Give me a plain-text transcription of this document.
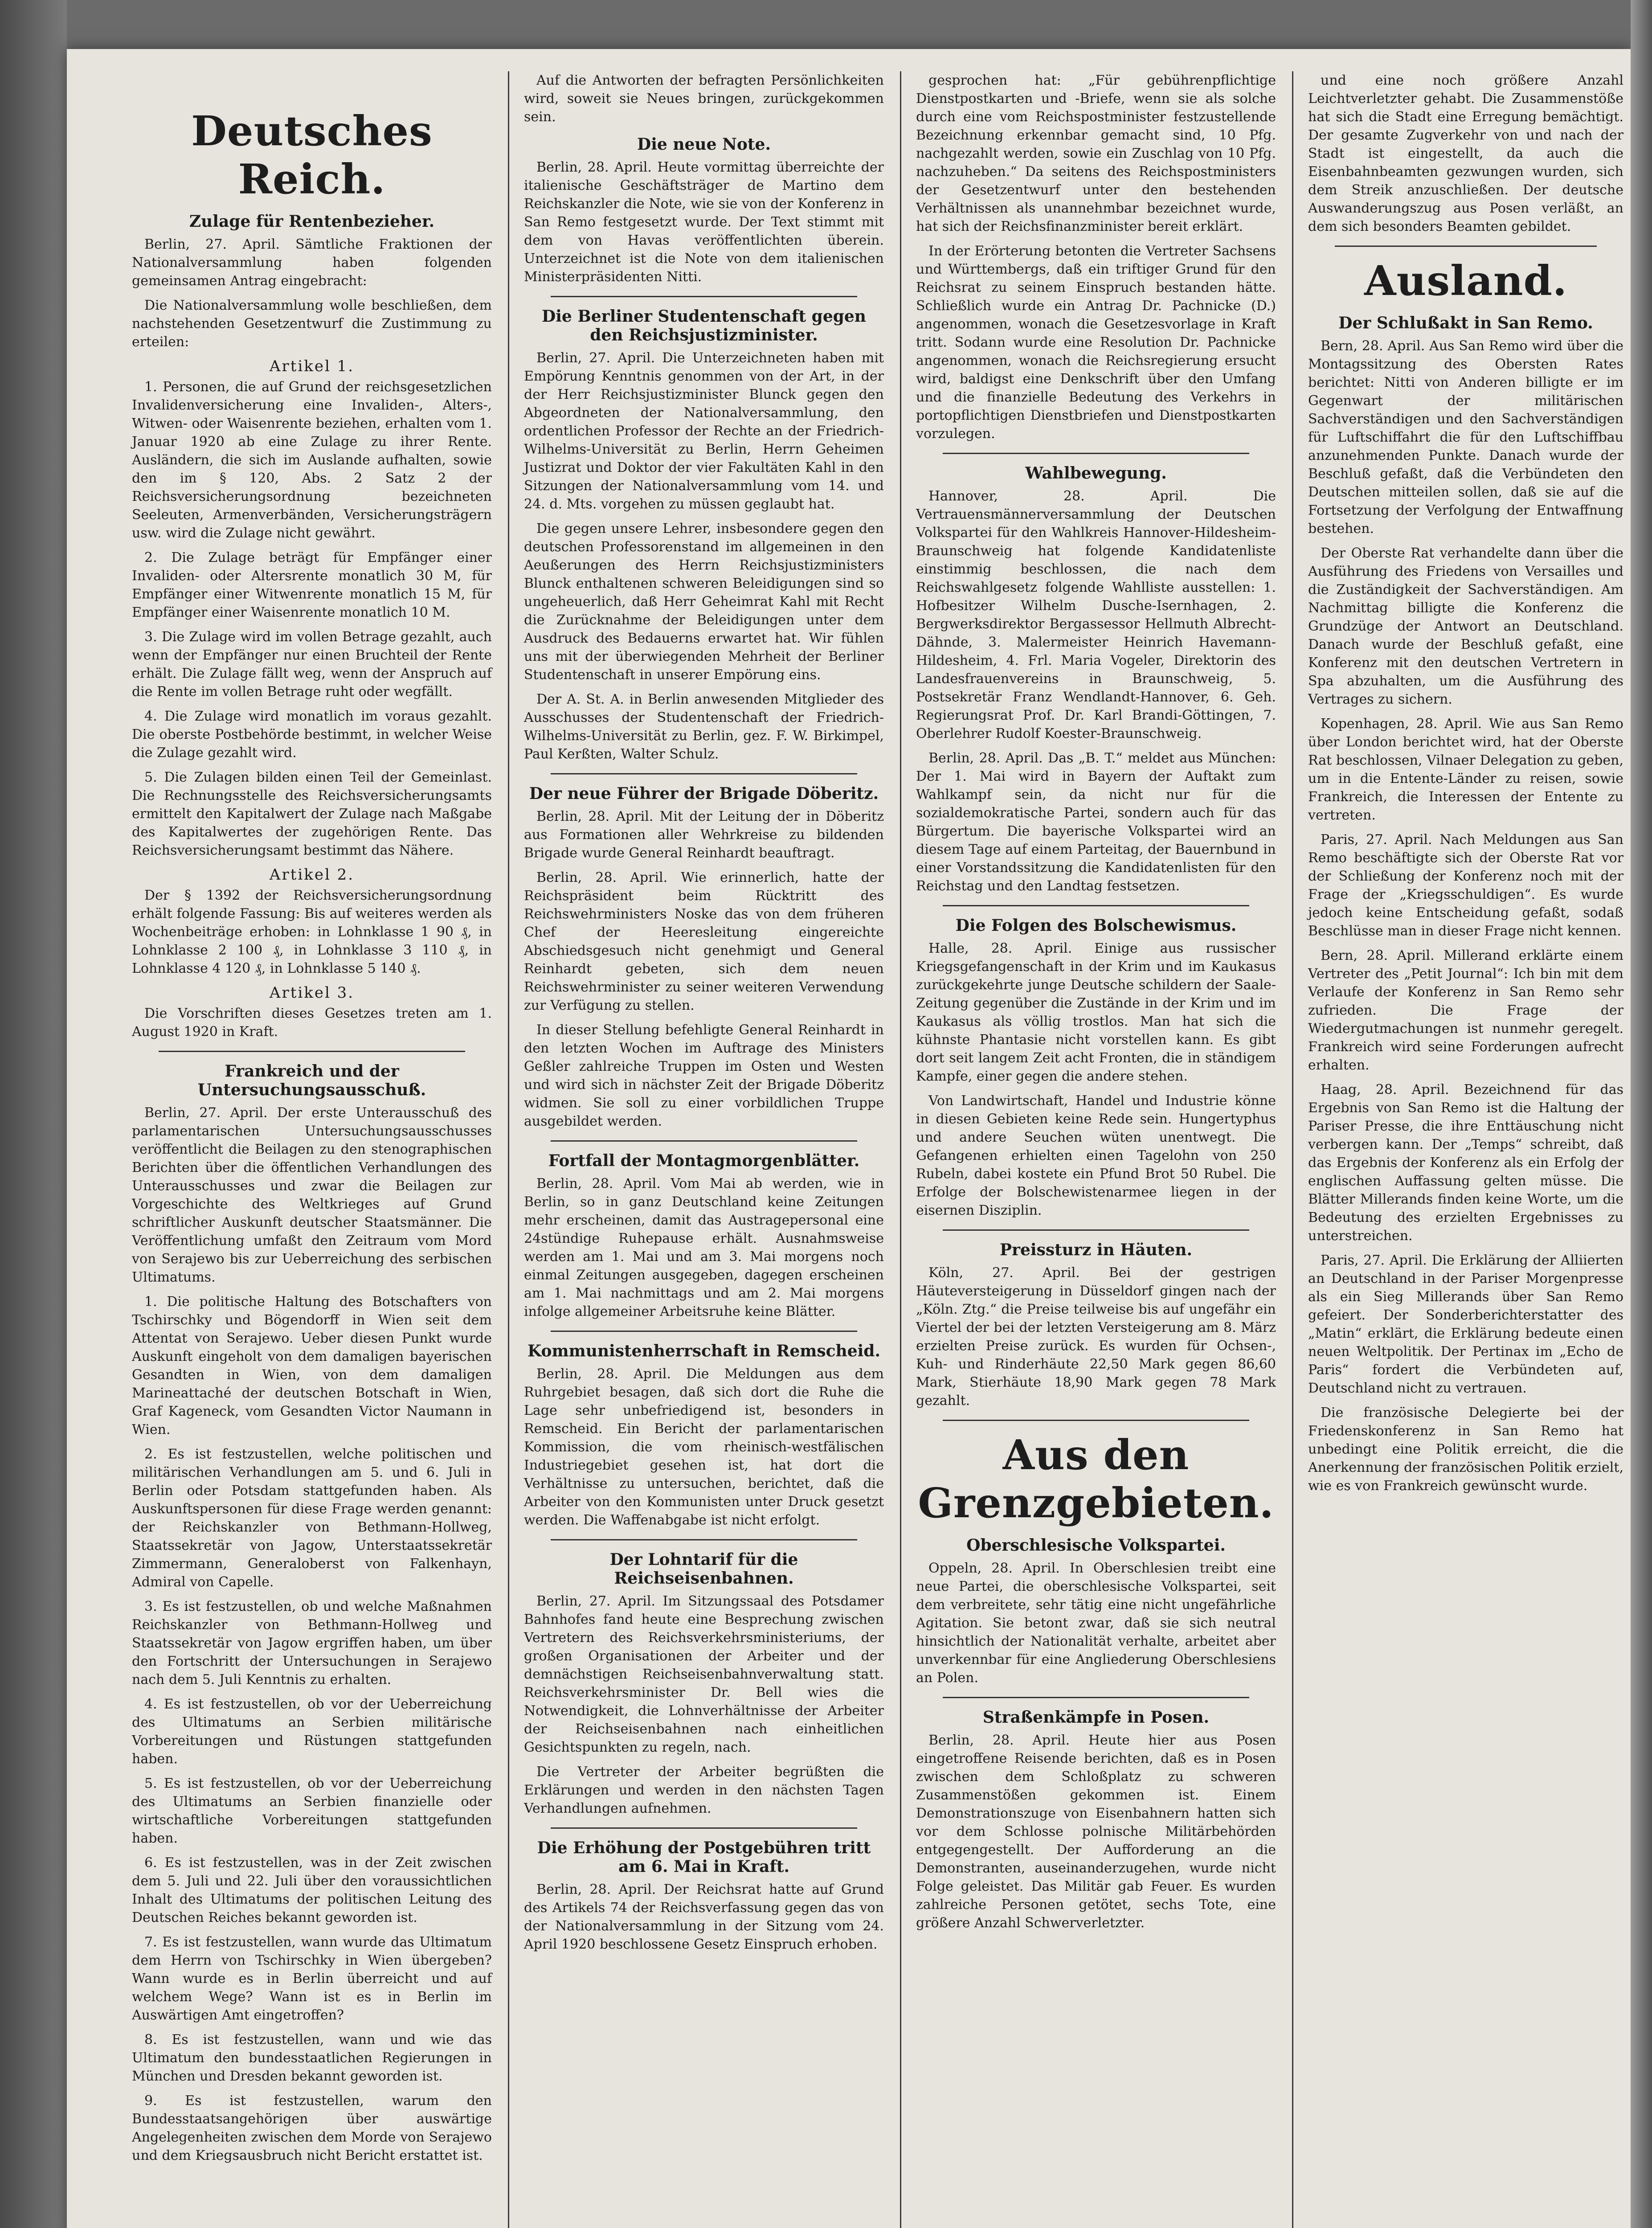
Deutsches Reich.
Zulage für Rentenbezieher.

Berlin, 27. April. Sämtliche Fraktionen der Nationalversammlung haben folgenden gemeinsamen Antrag eingebracht:

Die Nationalversammlung wolle beschließen, dem nachstehenden Gesetzentwurf die Zustimmung zu erteilen:

Artikel 1.

1. Personen, die auf Grund der reichsgesetzlichen Invalidenversicherung eine Invaliden-, Alters-, Witwen- oder Waisenrente beziehen, erhalten vom 1. Januar 1920 ab eine Zulage zu ihrer Rente. Ausländern, die sich im Auslande aufhalten, sowie den im § 120, Abs. 2 Satz 2 der Reichsversicherungsordnung bezeichneten Seeleuten, Armenverbänden, Versicherungsträgern usw. wird die Zulage nicht gewährt.

2. Die Zulage beträgt für Empfänger einer Invaliden- oder Altersrente monatlich 30 M, für Empfänger einer Witwenrente monatlich 15 M, für Empfänger einer Waisenrente monatlich 10 M.

3. Die Zulage wird im vollen Betrage gezahlt, auch wenn der Empfänger nur einen Bruchteil der Rente erhält. Die Zulage fällt weg, wenn der Anspruch auf die Rente im vollen Betrage ruht oder wegfällt.

4. Die Zulage wird monatlich im voraus gezahlt. Die oberste Postbehörde bestimmt, in welcher Weise die Zulage gezahlt wird.

5. Die Zulagen bilden einen Teil der Gemeinlast. Die Rechnungsstelle des Reichsversicherungsamts ermittelt den Kapitalwert der Zulage nach Maßgabe des Kapitalwertes der zugehörigen Rente. Das Reichsversicherungsamt bestimmt das Nähere.

Artikel 2.

Der § 1392 der Reichsversicherungsordnung erhält folgende Fassung: Bis auf weiteres werden als Wochenbeiträge erhoben: in Lohnklasse 1 90 ₰, in Lohnklasse 2 100 ₰, in Lohnklasse 3 110 ₰, in Lohnklasse 4 120 ₰, in Lohnklasse 5 140 ₰.

Artikel 3.

Die Vorschriften dieses Gesetzes treten am 1. August 1920 in Kraft.

Frankreich und der Untersuchungsausschuß.

Berlin, 27. April. Der erste Unterausschuß des parlamentarischen Untersuchungsausschusses veröffentlicht die Beilagen zu den stenographischen Berichten über die öffentlichen Verhandlungen des Unterausschusses und zwar die Beilagen zur Vorgeschichte des Weltkrieges auf Grund schriftlicher Auskunft deutscher Staatsmänner. Die Veröffentlichung umfaßt den Zeitraum vom Mord von Serajewo bis zur Ueberreichung des serbischen Ultimatums.

1. Die politische Haltung des Botschafters von Tschirschky und Bögendorff in Wien seit dem Attentat von Serajewo. Ueber diesen Punkt wurde Auskunft eingeholt von dem damaligen bayerischen Gesandten in Wien, von dem damaligen Marineattaché der deutschen Botschaft in Wien, Graf Kageneck, vom Gesandten Victor Naumann in Wien.

2. Es ist festzustellen, welche politischen und militärischen Verhandlungen am 5. und 6. Juli in Berlin oder Potsdam stattgefunden haben. Als Auskunftspersonen für diese Frage werden genannt: der Reichskanzler von Bethmann-Hollweg, Staatssekretär von Jagow, Unterstaatssekretär Zimmermann, Generaloberst von Falkenhayn, Admiral von Capelle.

3. Es ist festzustellen, ob und welche Maßnahmen Reichskanzler von Bethmann-Hollweg und Staatssekretär von Jagow ergriffen haben, um über den Fortschritt der Untersuchungen in Serajewo nach dem 5. Juli Kenntnis zu erhalten.

4. Es ist festzustellen, ob vor der Ueberreichung des Ultimatums an Serbien militärische Vorbereitungen und Rüstungen stattgefunden haben.

5. Es ist festzustellen, ob vor der Ueberreichung des Ultimatums an Serbien finanzielle oder wirtschaftliche Vorbereitungen stattgefunden haben.

6. Es ist festzustellen, was in der Zeit zwischen dem 5. Juli und 22. Juli über den voraussichtlichen Inhalt des Ultimatums der politischen Leitung des Deutschen Reiches bekannt geworden ist.

7. Es ist festzustellen, wann wurde das Ultimatum dem Herrn von Tschirschky in Wien übergeben? Wann wurde es in Berlin überreicht und auf welchem Wege? Wann ist es in Berlin im Auswärtigen Amt eingetroffen?

8. Es ist festzustellen, wann und wie das Ultimatum den bundesstaatlichen Regierungen in München und Dresden bekannt geworden ist.

9. Es ist festzustellen, warum den Bundesstaatsangehörigen über auswärtige Angelegenheiten zwischen dem Morde von Serajewo und dem Kriegsausbruch nicht Bericht erstattet ist.

Auf die Antworten der befragten Persönlichkeiten wird, soweit sie Neues bringen, zurückgekommen sein.

Die neue Note.

Berlin, 28. April. Heute vormittag überreichte der italienische Geschäftsträger de Martino dem Reichskanzler die Note, wie sie von der Konferenz in San Remo festgesetzt wurde. Der Text stimmt mit dem von Havas veröffentlichten überein. Unterzeichnet ist die Note von dem italienischen Ministerpräsidenten Nitti.

Die Berliner Studentenschaft gegen den Reichsjustizminister.

Berlin, 27. April. Die Unterzeichneten haben mit Empörung Kenntnis genommen von der Art, in der der Herr Reichsjustizminister Blunck gegen den Abgeordneten der Nationalversammlung, den ordentlichen Professor der Rechte an der Friedrich-Wilhelms-Universität zu Berlin, Herrn Geheimen Justizrat und Doktor der vier Fakultäten Kahl in den Sitzungen der Nationalversammlung vom 14. und 24. d. Mts. vorgehen zu müssen geglaubt hat.

Die gegen unsere Lehrer, insbesondere gegen den deutschen Professorenstand im allgemeinen in den Aeußerungen des Herrn Reichsjustizministers Blunck enthaltenen schweren Beleidigungen sind so ungeheuerlich, daß Herr Geheimrat Kahl mit Recht die Zurücknahme der Beleidigungen unter dem Ausdruck des Bedauerns erwartet hat. Wir fühlen uns mit der überwiegenden Mehrheit der Berliner Studentenschaft in unserer Empörung eins.

Der A. St. A. in Berlin anwesenden Mitglieder des Ausschusses der Studentenschaft der Friedrich-Wilhelms-Universität zu Berlin, gez. F. W. Birkimpel, Paul Kerßten, Walter Schulz.

Der neue Führer der Brigade Döberitz.

Berlin, 28. April. Mit der Leitung der in Döberitz aus Formationen aller Wehrkreise zu bildenden Brigade wurde General Reinhardt beauftragt.

Berlin, 28. April. Wie erinnerlich, hatte der Reichspräsident beim Rücktritt des Reichswehrministers Noske das von dem früheren Chef der Heeresleitung eingereichte Abschiedsgesuch nicht genehmigt und General Reinhardt gebeten, sich dem neuen Reichswehrminister zu seiner weiteren Verwendung zur Verfügung zu stellen.

In dieser Stellung befehligte General Reinhardt in den letzten Wochen im Auftrage des Ministers Geßler zahlreiche Truppen im Osten und Westen und wird sich in nächster Zeit der Brigade Döberitz widmen. Sie soll zu einer vorbildlichen Truppe ausgebildet werden.

Fortfall der Montagmorgenblätter.

Berlin, 28. April. Vom Mai ab werden, wie in Berlin, so in ganz Deutschland keine Zeitungen mehr erscheinen, damit das Austragepersonal eine 24stündige Ruhepause erhält. Ausnahmsweise werden am 1. Mai und am 3. Mai morgens noch einmal Zeitungen ausgegeben, dagegen erscheinen am 1. Mai nachmittags und am 2. Mai morgens infolge allgemeiner Arbeitsruhe keine Blätter.

Kommunistenherrschaft in Remscheid.

Berlin, 28. April. Die Meldungen aus dem Ruhrgebiet besagen, daß sich dort die Ruhe die Lage sehr unbefriedigend ist, besonders in Remscheid. Ein Bericht der parlamentarischen Kommission, die vom rheinisch-westfälischen Industriegebiet gesehen ist, hat dort die Verhältnisse zu untersuchen, berichtet, daß die Arbeiter von den Kommunisten unter Druck gesetzt werden. Die Waffenabgabe ist nicht erfolgt.

Der Lohntarif für die Reichseisenbahnen.

Berlin, 27. April. Im Sitzungssaal des Potsdamer Bahnhofes fand heute eine Besprechung zwischen Vertretern des Reichsverkehrsministeriums, der großen Organisationen der Arbeiter und der demnächstigen Reichseisenbahnverwaltung statt. Reichsverkehrsminister Dr. Bell wies die Notwendigkeit, die Lohnverhältnisse der Arbeiter der Reichseisenbahnen nach einheitlichen Gesichtspunkten zu regeln, nach.

Die Vertreter der Arbeiter begrüßten die Erklärungen und werden in den nächsten Tagen Verhandlungen aufnehmen.

Die Erhöhung der Postgebühren tritt am 6. Mai in Kraft.

Berlin, 28. April. Der Reichsrat hatte auf Grund des Artikels 74 der Reichsverfassung gegen das von der Nationalversammlung in der Sitzung vom 24. April 1920 beschlossene Gesetz Einspruch erhoben.

gesprochen hat: „Für gebührenpflichtige Dienstpostkarten und -Briefe, wenn sie als solche durch eine vom Reichspostminister festzustellende Bezeichnung erkennbar gemacht sind, 10 Pfg. nachgezahlt werden, sowie ein Zuschlag von 10 Pfg. nachzuheben.“ Da seitens des Reichspostministers der Gesetzentwurf unter den bestehenden Verhältnissen als unannehmbar bezeichnet wurde, hat sich der Reichsfinanzminister bereit erklärt.

In der Erörterung betonten die Vertreter Sachsens und Württembergs, daß ein triftiger Grund für den Reichsrat zu seinem Einspruch bestanden hätte. Schließlich wurde ein Antrag Dr. Pachnicke (D.) angenommen, wonach die Gesetzesvorlage in Kraft tritt. Sodann wurde eine Resolution Dr. Pachnicke angenommen, wonach die Reichsregierung ersucht wird, baldigst eine Denkschrift über den Umfang und die finanzielle Bedeutung des Verkehrs in portopflichtigen Dienstbriefen und Dienstpostkarten vorzulegen.

Wahlbewegung.

Hannover, 28. April. Die Vertrauensmännerversammlung der Deutschen Volkspartei für den Wahlkreis Hannover-Hildesheim-Braunschweig hat folgende Kandidatenliste einstimmig beschlossen, die nach dem Reichswahlgesetz folgende Wahlliste ausstellen: 1. Hofbesitzer Wilhelm Dusche-Isernhagen, 2. Bergwerksdirektor Bergassessor Hellmuth Albrecht-Dähnde, 3. Malermeister Heinrich Havemann-Hildesheim, 4. Frl. Maria Vogeler, Direktorin des Landesfrauenvereins in Braunschweig, 5. Postsekretär Franz Wendlandt-Hannover, 6. Geh. Regierungsrat Prof. Dr. Karl Brandi-Göttingen, 7. Oberlehrer Rudolf Koester-Braunschweig.

Berlin, 28. April. Das „B. T.“ meldet aus München: Der 1. Mai wird in Bayern der Auftakt zum Wahlkampf sein, da nicht nur für die sozialdemokratische Partei, sondern auch für das Bürgertum. Die bayerische Volkspartei wird an diesem Tage auf einem Parteitag, der Bauernbund in einer Vorstandssitzung die Kandidatenlisten für den Reichstag und den Landtag festsetzen.

Die Folgen des Bolschewismus.

Halle, 28. April. Einige aus russischer Kriegsgefangenschaft in der Krim und im Kaukasus zurückgekehrte junge Deutsche schildern der Saale-Zeitung gegenüber die Zustände in der Krim und im Kaukasus als völlig trostlos. Man hat sich die kühnste Phantasie nicht vorstellen kann. Es gibt dort seit langem Zeit acht Fronten, die in ständigem Kampfe, einer gegen die andere stehen.

Von Landwirtschaft, Handel und Industrie könne in diesen Gebieten keine Rede sein. Hungertyphus und andere Seuchen wüten unentwegt. Die Gefangenen erhielten einen Tagelohn von 250 Rubeln, dabei kostete ein Pfund Brot 50 Rubel. Die Erfolge der Bolschewistenarmee liegen in der eisernen Disziplin.

Preissturz in Häuten.

Köln, 27. April. Bei der gestrigen Häuteversteigerung in Düsseldorf gingen nach der „Köln. Ztg.“ die Preise teilweise bis auf ungefähr ein Viertel der bei der letzten Versteigerung am 8. März erzielten Preise zurück. Es wurden für Ochsen-, Kuh- und Rinderhäute 22,50 Mark gegen 86,60 Mark, Stierhäute 18,90 Mark gegen 78 Mark gezahlt.

Aus den Grenzgebieten.
Oberschlesische Volkspartei.

Oppeln, 28. April. In Oberschlesien treibt eine neue Partei, die oberschlesische Volkspartei, seit dem verbreitete, sehr tätig eine nicht ungefährliche Agitation. Sie betont zwar, daß sie sich neutral hinsichtlich der Nationalität verhalte, arbeitet aber unverkennbar für eine Angliederung Oberschlesiens an Polen.

Straßenkämpfe in Posen.

Berlin, 28. April. Heute hier aus Posen eingetroffene Reisende berichten, daß es in Posen zwischen dem Schloßplatz zu schweren Zusammenstößen gekommen ist. Einem Demonstrationszuge von Eisenbahnern hatten sich vor dem Schlosse polnische Militärbehörden entgegengestellt. Der Aufforderung an die Demonstranten, auseinanderzugehen, wurde nicht Folge geleistet. Das Militär gab Feuer. Es wurden zahlreiche Personen getötet, sechs Tote, eine größere Anzahl Schwerverletzter.

und eine noch größere Anzahl Leichtverletzter gehabt. Die Zusammenstöße hat sich die Stadt eine Erregung bemächtigt. Der gesamte Zugverkehr von und nach der Stadt ist eingestellt, da auch die Eisenbahnbeamten gezwungen wurden, sich dem Streik anzuschließen. Der deutsche Auswanderungszug aus Posen verläßt, an dem sich besonders Beamten gebildet.

Ausland.
Der Schlußakt in San Remo.

Bern, 28. April. Aus San Remo wird über die Montagssitzung des Obersten Rates berichtet: Nitti von Anderen billigte er im Gegenwart der militärischen Sachverständigen und den Sachverständigen für Luftschiffahrt die für den Luftschiffbau anzunehmenden Punkte. Danach wurde der Beschluß gefaßt, daß die Verbündeten den Deutschen mitteilen sollen, daß sie auf die Fortsetzung der Verfolgung der Entwaffnung bestehen.

Der Oberste Rat verhandelte dann über die Ausführung des Friedens von Versailles und die Zuständigkeit der Sachverständigen. Am Nachmittag billigte die Konferenz die Grundzüge der Antwort an Deutschland. Danach wurde der Beschluß gefaßt, eine Konferenz mit den deutschen Vertretern in Spa abzuhalten, um die Ausführung des Vertrages zu sichern.

Kopenhagen, 28. April. Wie aus San Remo über London berichtet wird, hat der Oberste Rat beschlossen, Vilnaer Delegation zu geben, um in die Entente-Länder zu reisen, sowie Frankreich, die Interessen der Entente zu vertreten.

Paris, 27. April. Nach Meldungen aus San Remo beschäftigte sich der Oberste Rat vor der Schließung der Konferenz noch mit der Frage der „Kriegsschuldigen“. Es wurde jedoch keine Entscheidung gefaßt, sodaß Beschlüsse man in dieser Frage nicht kennen.

Bern, 28. April. Millerand erklärte einem Vertreter des „Petit Journal“: Ich bin mit dem Verlaufe der Konferenz in San Remo sehr zufrieden. Die Frage der Wiedergutmachungen ist nunmehr geregelt. Frankreich wird seine Forderungen aufrecht erhalten.

Haag, 28. April. Bezeichnend für das Ergebnis von San Remo ist die Haltung der Pariser Presse, die ihre Enttäuschung nicht verbergen kann. Der „Temps“ schreibt, daß das Ergebnis der Konferenz als ein Erfolg der englischen Auffassung gelten müsse. Die Blätter Millerands finden keine Worte, um die Bedeutung des erzielten Ergebnisses zu unterstreichen.

Paris, 27. April. Die Erklärung der Alliierten an Deutschland in der Pariser Morgenpresse als ein Sieg Millerands über San Remo gefeiert. Der Sonderberichterstatter des „Matin“ erklärt, die Erklärung bedeute einen neuen Weltpolitik. Der Pertinax im „Echo de Paris“ fordert die Verbündeten auf, Deutschland nicht zu vertrauen.

Die französische Delegierte bei der Friedenskonferenz in San Remo hat unbedingt eine Politik erreicht, die die Anerkennung der französischen Politik erzielt, wie es von Frankreich gewünscht wurde.
